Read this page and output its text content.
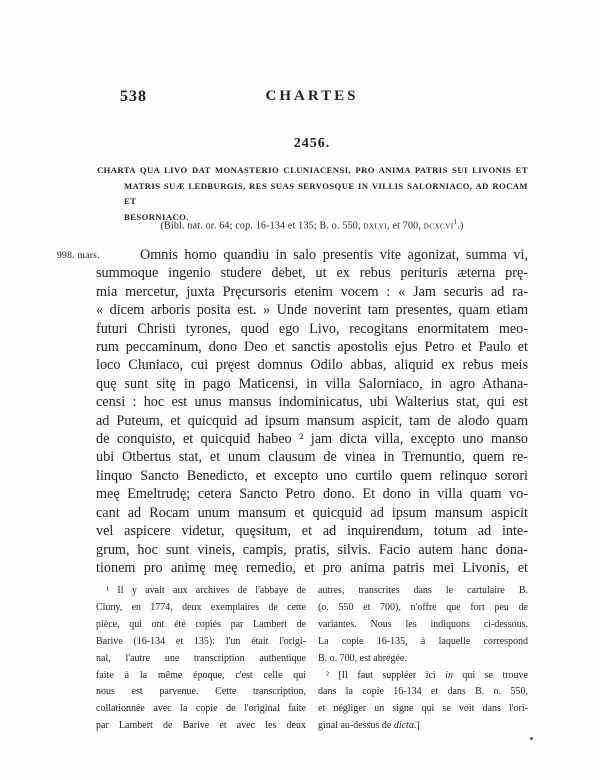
538	CHARTES
2456.
CHARTA QUA LIVO DAT MONASTERIO CLUNIACENSI, PRO ANIMA PATRIS SUI LIVONIS ET
MATRIS SUÆ LEDBURGIS, RES SUAS SERVOSQUE IN VILLIS SALORNIACO, AD ROCAM ET
BESORNIACO.
(Bibl. nat. or. 64; cop. 16-134 et 135; B. o. 550, dxlvi, et 700, dcxcvi$^1$.)
998. mars.	Omnis homo quandiu in salo presentis vite agonizat, summa vi,
summoque ingenio studere debet, ut ex rebus perituris æterna prę-
mia mercetur, juxta Pręcursoris etenim vocem : « Jam securis ad ra-
« dicem arboris posita est. » Unde noverint tam presentes, quam etiam
futuri Christi tyrones, quod ego Livo, recogitans enormitatem meo-
rum peccaminum, dono Deo et sanctis apostolis ejus Petro et Paulo et
loco Cluniaco, cui pręest domnus Odilo abbas, aliquid ex rebus meis
quę sunt sitę in pago Maticensi, in villa Salorniaco, in agro Athana-
censi : hoc est unus mansus indominicatus, ubi Walterius stat, qui est
ad Puteum, et quicquid ad ipsum mansum aspicit, tam de alodo quam
de conquisto, et quicquid habeo ² jam dicta villa, excępto uno manso
ubi Otbertus stat, et unum clausum de vinea in Tremuntio, quem re-
linquo Sancto Benedicto, et excepto uno curtilo quem relinquo sorori
meę Emeltrudę; cetera Sancto Petro dono. Et dono in villa quam vo-
cant ad Rocam unum mansum et quicquid ad ipsum mansum aspicit
vel aspicere videtur, quęsitum, et ad inquirendum, totum ad inte-
grum, hoc sunt vineis, campis, pratis, silvis. Facio autem hanc dona-
tionem pro animę meę remedio, et pro anima patris mei Livonis, et
¹ Il y avait aux archives de l'abbaye de
Cluny, en 1774, deux exemplaires de cette
pièce, qui ont été copiés par Lambert de
Barive (16-134 et 135): l'un était l'origi-
nal, l'autre une transcription authentique
faite à la même époque, c'est celle qui
nous est parvenue. Cette transcription,
collationnée avec la copie de l'original faite
par Lambert de Barive et avec les deux
autres, transcrites dans le cartulaire B.
(o. 550 et 700), n'offre que fort peu de
variantes. Nous les indiquons ci-dessous.
La copie 16-135, à laquelle correspond
B. o. 700, est abrégée.
² [Il faut suppléer ici in qui se trouve
dans la copie 16-134 et dans B. o. 550,
et négliger un signe qui se voit dans l'ori-
ginal au-dessus de dicta.]
